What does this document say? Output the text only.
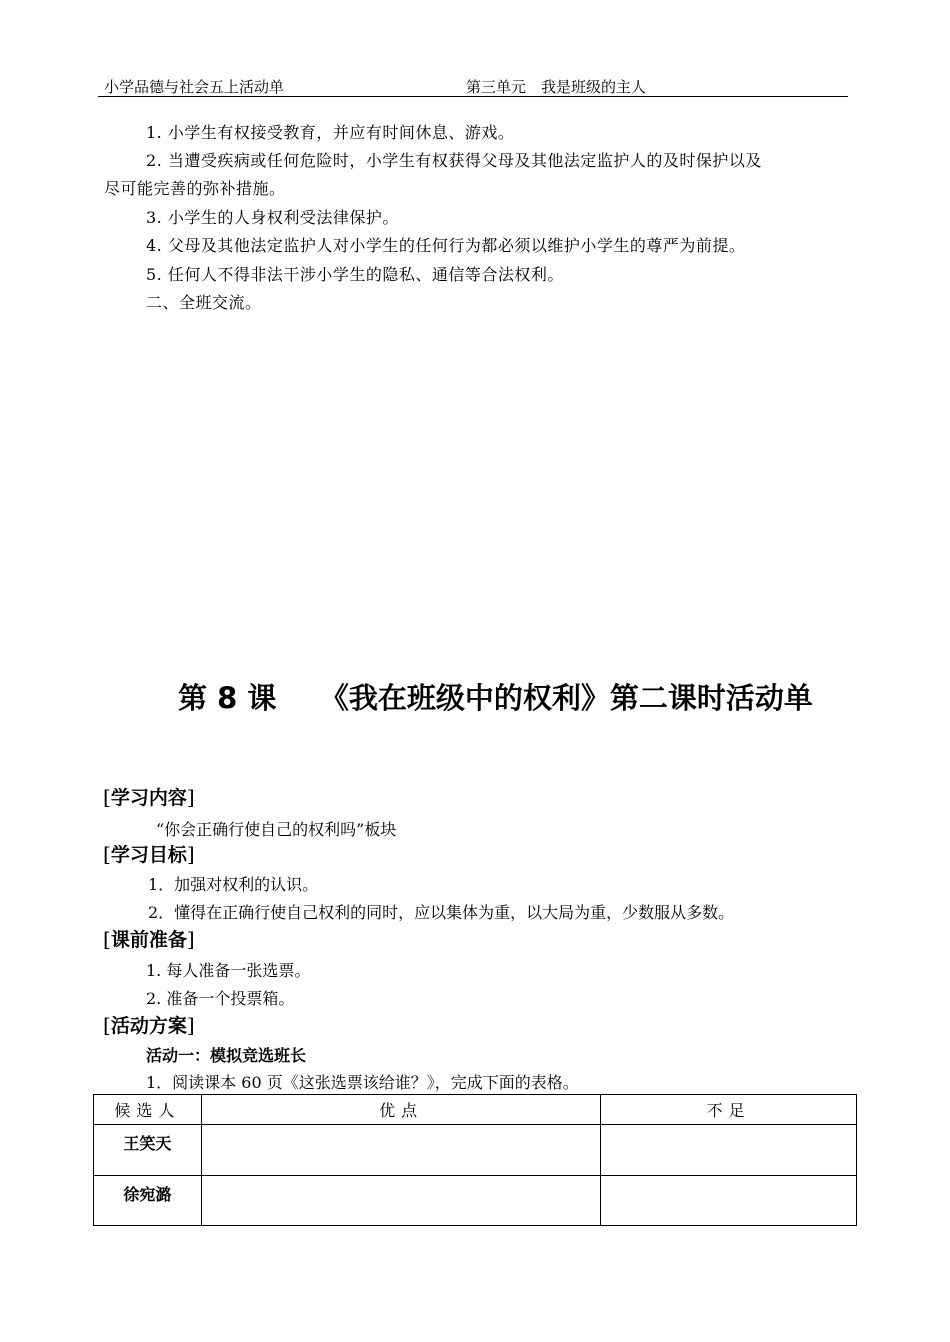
小学品德与社会五上活动单	第三单元　我是班级的主人
1. 小学生有权接受教育，并应有时间休息、游戏。
2. 当遭受疾病或任何危险时，小学生有权获得父母及其他法定监护人的及时保护以及
尽可能完善的弥补措施。
3. 小学生的人身权利受法律保护。
4. 父母及其他法定监护人对小学生的任何行为都必须以维护小学生的尊严为前提。
5. 任何人不得非法干涉小学生的隐私、通信等合法权利。
二、全班交流。
第 8 课　　《我在班级中的权利》第二课时活动单
[学习内容]
“你会正确行使自己的权利吗”板块
[学习目标]
1．加强对权利的认识。
2．懂得在正确行使自己权利的同时，应以集体为重，以大局为重，少数服从多数。
[课前准备]
1. 每人准备一张选票。
2. 准备一个投票箱。
[活动方案]
活动一：模拟竞选班长
1．阅读课本 60 页《这张选票该给谁？》，完成下面的表格。
候选人	优点	不足
王笑天		
徐宛潞		
